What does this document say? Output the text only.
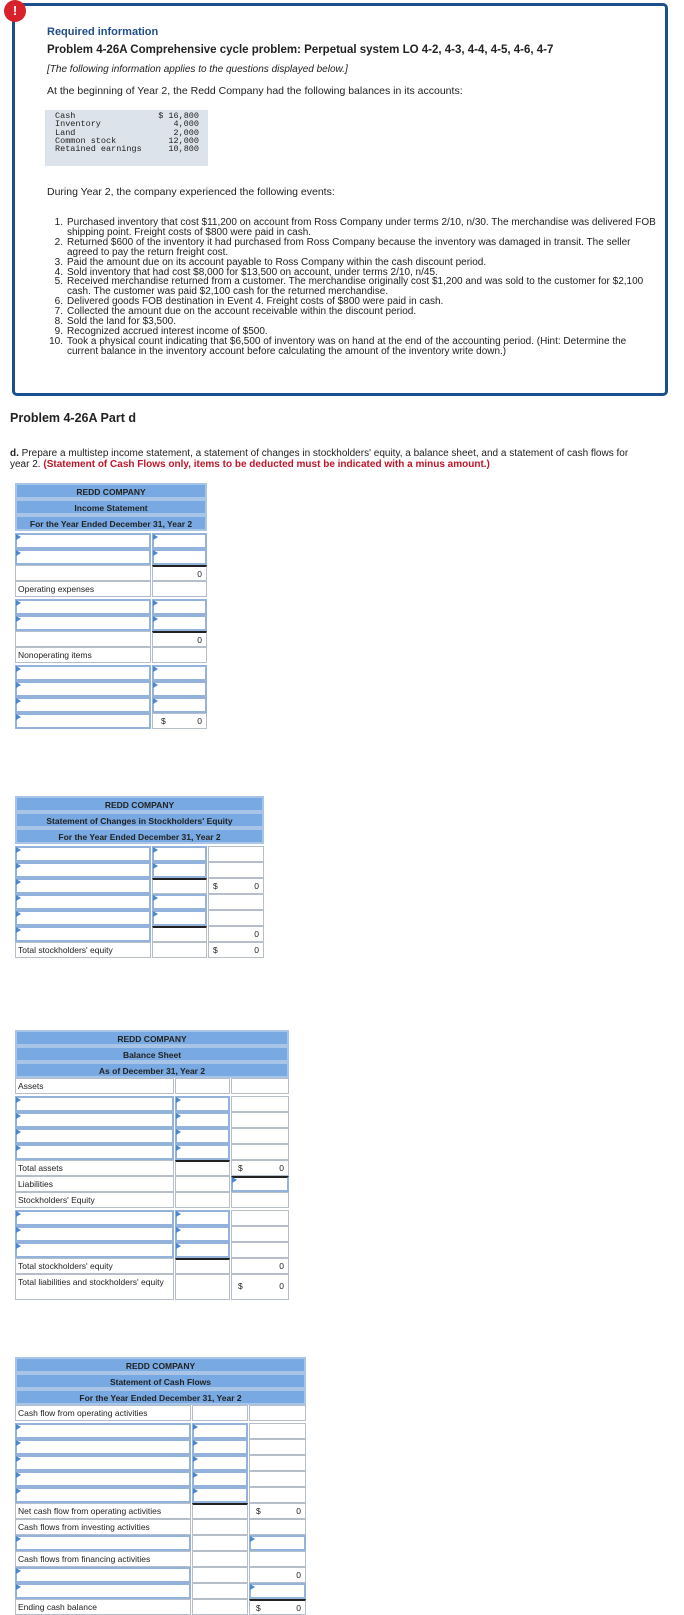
!
Required information
Problem 4-26A Comprehensive cycle problem: Perpetual system LO 4-2, 4-3, 4-4, 4-5, 4-6, 4-7
[The following information applies to the questions displayed below.]
At the beginning of Year 2, the Redd Company had the following balances in its accounts:
Cash	$ 16,800
Inventory	4,000
Land	2,000
Common stock	12,000
Retained earnings	10,800
During Year 2, the company experienced the following events:
1. Purchased inventory that cost $11,200 on account from Ross Company under terms 2/10, n/30. The merchandise was delivered FOB shipping point. Freight costs of $800 were paid in cash.
2. Returned $600 of the inventory it had purchased from Ross Company because the inventory was damaged in transit. The seller agreed to pay the return freight cost.
3. Paid the amount due on its account payable to Ross Company within the cash discount period.
4. Sold inventory that had cost $8,000 for $13,500 on account, under terms 2/10, n/45.
5. Received merchandise returned from a customer. The merchandise originally cost $1,200 and was sold to the customer for $2,100 cash. The customer was paid $2,100 cash for the returned merchandise.
6. Delivered goods FOB destination in Event 4. Freight costs of $800 were paid in cash.
7. Collected the amount due on the account receivable within the discount period.
8. Sold the land for $3,500.
9. Recognized accrued interest income of $500.
10. Took a physical count indicating that $6,500 of inventory was on hand at the end of the accounting period. (Hint: Determine the current balance in the inventory account before calculating the amount of the inventory write down.)
Problem 4-26A Part d
d. Prepare a multistep income statement, a statement of changes in stockholders' equity, a balance sheet, and a statement of cash flows for year 2. (Statement of Cash Flows only, items to be deducted must be indicated with a minus amount.)
REDD COMPANY
Income Statement
For the Year Ended December 31, Year 2
0
Operating expenses
0
Nonoperating items
$	0
REDD COMPANY
Statement of Changes in Stockholders' Equity
For the Year Ended December 31, Year 2
$	0
0
Total stockholders' equity	$	0
REDD COMPANY
Balance Sheet
As of December 31, Year 2
Assets
Total assets	$	0
Liabilities
Stockholders' Equity
Total stockholders' equity	0
Total liabilities and stockholders' equity	$	0
REDD COMPANY
Statement of Cash Flows
For the Year Ended December 31, Year 2
Cash flow from operating activities
Net cash flow from operating activities	$	0
Cash flows from investing activities
Cash flows from financing activities
0
Ending cash balance	$	0
